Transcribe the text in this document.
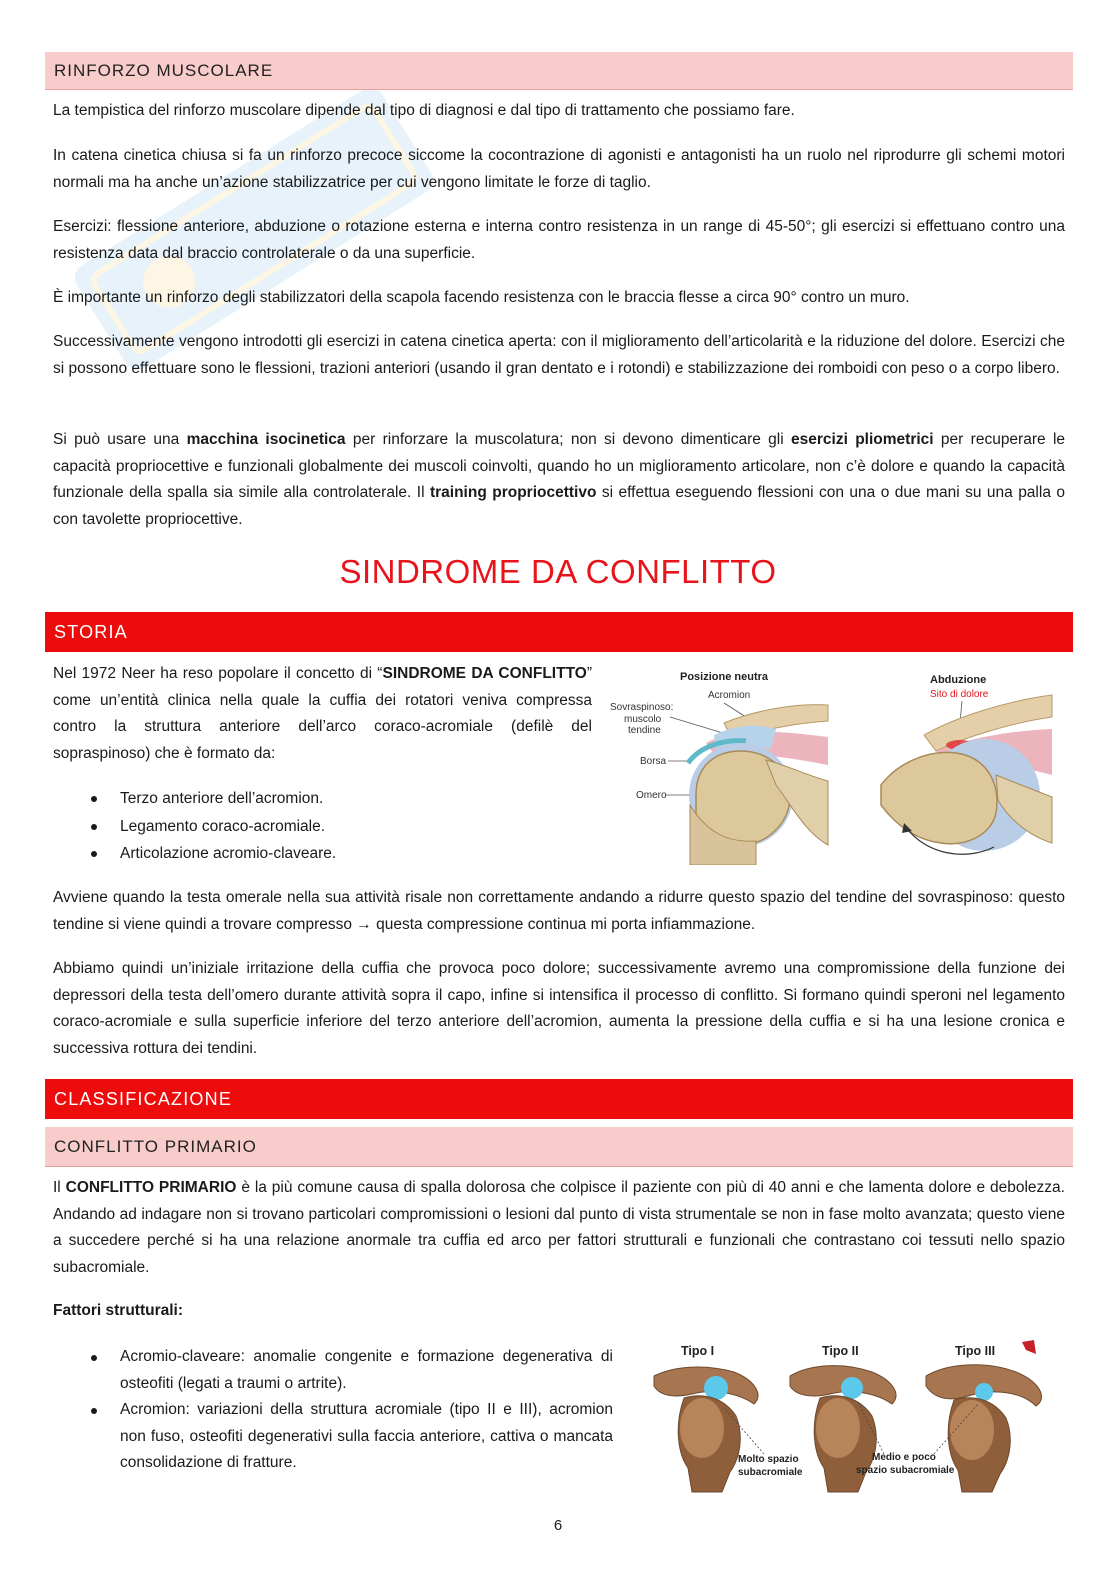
RINFORZO MUSCOLARE

La tempistica del rinforzo muscolare dipende dal tipo di diagnosi e dal tipo di trattamento che possiamo fare.

In catena cinetica chiusa si fa un rinforzo precoce siccome la cocontrazione di agonisti e antagonisti ha un ruolo nel riprodurre gli schemi motori normali ma ha anche un’azione stabilizzatrice per cui vengono limitate le forze di taglio.

Esercizi: flessione anteriore, abduzione o rotazione esterna e interna contro resistenza in un range di 45-50°; gli esercizi si effettuano contro una resistenza data dal braccio controlaterale o da una superficie.

È importante un rinforzo degli stabilizzatori della scapola facendo resistenza con le braccia flesse a circa 90° contro un muro.

Successivamente vengono introdotti gli esercizi in catena cinetica aperta: con il miglioramento dell’articolarità e la riduzione del dolore. Esercizi che si possono effettuare sono le flessioni, trazioni anteriori (usando il gran dentato e i rotondi) e stabilizzazione dei romboidi con peso o a corpo libero.

Si può usare una macchina isocinetica per rinforzare la muscolatura; non si devono dimenticare gli esercizi pliometrici per recuperare le capacità propriocettive e funzionali globalmente dei muscoli coinvolti, quando ho un miglioramento articolare, non c’è dolore e quando la capacità funzionale della spalla sia simile alla controlaterale. Il training propriocettivo si effettua eseguendo flessioni con una o due mani su una palla o con tavolette propriocettive.

SINDROME DA CONFLITTO
STORIA

Nel 1972 Neer ha reso popolare il concetto di “SINDROME DA CONFLITTO” come un’entità clinica nella quale la cuffia dei rotatori veniva compressa contro la struttura anteriore dell’arco coraco-acromiale (defilè del sopraspinoso) che è formato da:

Terzo anteriore dell’acromion.
Legamento coraco-acromiale.
Articolazione acromio-claveare.
Posizione neutra
Acromion
Sovraspinoso:
muscolo
tendine
Borsa
Omero
Abduzione
Sito di dolore

Avviene quando la testa omerale nella sua attività risale non correttamente andando a ridurre questo spazio del tendine del sovraspinoso: questo tendine si viene quindi a trovare compresso → questa compressione continua mi porta infiammazione.

Abbiamo quindi un’iniziale irritazione della cuffia che provoca poco dolore; successivamente avremo una compromissione della funzione dei depressori della testa dell’omero durante attività sopra il capo, infine si intensifica il processo di conflitto. Si formano quindi speroni nel legamento coraco-acromiale e sulla superficie inferiore del terzo anteriore dell’acromion, aumenta la pressione della cuffia e si ha una lesione cronica e successiva rottura dei tendini.

CLASSIFICAZIONE
CONFLITTO PRIMARIO

Il CONFLITTO PRIMARIO è la più comune causa di spalla dolorosa che colpisce il paziente con più di 40 anni e che lamenta dolore e debolezza. Andando ad indagare non si trovano particolari compromissioni o lesioni dal punto di vista strumentale se non in fase molto avanzata; questo viene a succedere perché si ha una relazione anormale tra cuffia ed arco per fattori strutturali e funzionali che contrastano coi tessuti nello spazio subacromiale.

Fattori strutturali:

Acromio-claveare: anomalie congenite e formazione degenerativa di osteofiti (legati a traumi o artrite).
Acromion: variazioni della struttura acromiale (tipo II e III), acromion non fuso, osteofiti degenerativi sulla faccia anteriore, cattiva o mancata consolidazione di fratture.
Tipo I	Tipo II	Tipo III
Molto spazio
subacromiale
Medio e poco
spazio subacromiale
6
